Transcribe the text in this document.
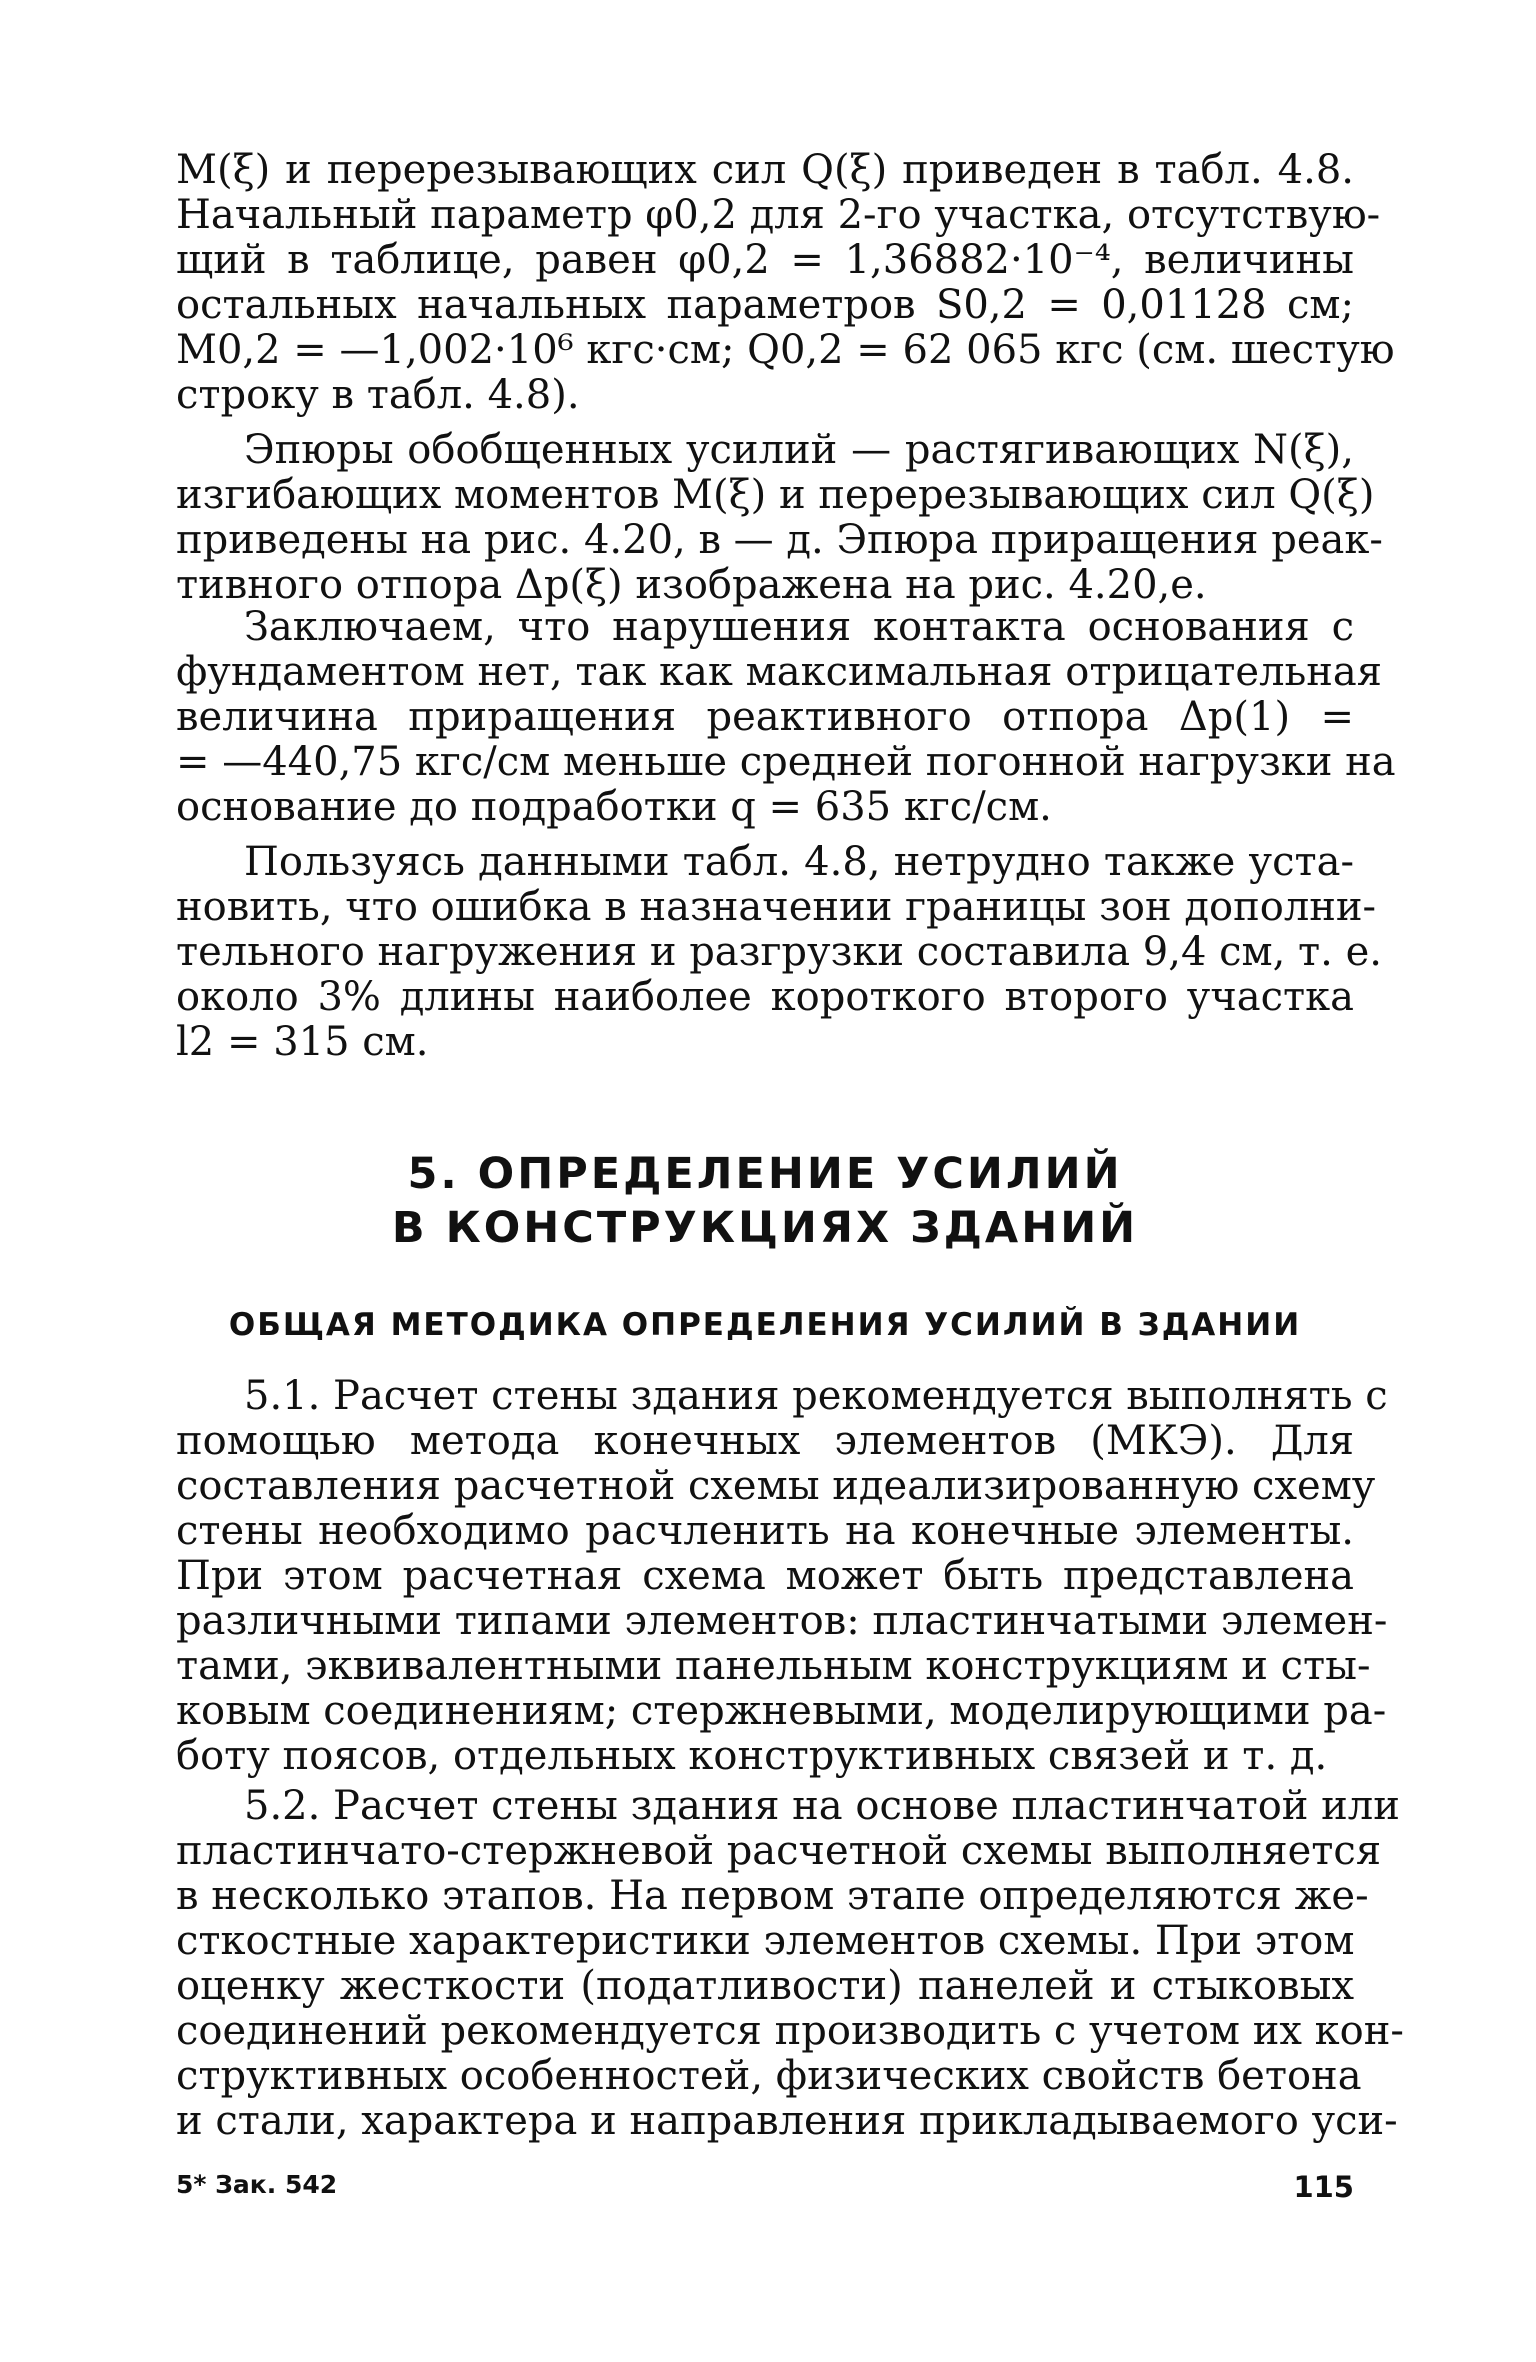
M(ξ) и перерезывающих сил Q(ξ) приведен в табл. 4.8.
Начальный параметр φ0,2 для 2-го участка, отсутствую-
щий в таблице, равен φ0,2 = 1,36882·10⁻⁴, величины
остальных начальных параметров S0,2 = 0,01128 см;
M0,2 = —1,002·10⁶ кгс·см; Q0,2 = 62 065 кгс (см. шестую
строку в табл. 4.8).
Эпюры обобщенных усилий — растягивающих N(ξ),
изгибающих моментов M(ξ) и перерезывающих сил Q(ξ)
приведены на рис. 4.20, в — д. Эпюра приращения реак-
тивного отпора Δp(ξ) изображена на рис. 4.20,е.
Заключаем, что нарушения контакта основания с
фундаментом нет, так как максимальная отрицательная
величина приращения реактивного отпора Δp(1) =
= —440,75 кгс/см меньше средней погонной нагрузки на
основание до подработки q = 635 кгс/см.
Пользуясь данными табл. 4.8, нетрудно также уста-
новить, что ошибка в назначении границы зон дополни-
тельного нагружения и разгрузки составила 9,4 см, т. е.
около 3% длины наиболее короткого второго участка
l2 = 315 см.
5. ОПРЕДЕЛЕНИЕ УСИЛИЙ
В КОНСТРУКЦИЯХ ЗДАНИЙ
ОБЩАЯ МЕТОДИКА ОПРЕДЕЛЕНИЯ УСИЛИЙ В ЗДАНИИ
5.1. Расчет стены здания рекомендуется выполнять с
помощью метода конечных элементов (МКЭ). Для
составления расчетной схемы идеализированную схему
стены необходимо расчленить на конечные элементы.
При этом расчетная схема может быть представлена
различными типами элементов: пластинчатыми элемен-
тами, эквивалентными панельным конструкциям и сты-
ковым соединениям; стержневыми, моделирующими ра-
боту поясов, отдельных конструктивных связей и т. д.
5.2. Расчет стены здания на основе пластинчатой или
пластинчато-стержневой расчетной схемы выполняется
в несколько этапов. На первом этапе определяются же-
сткостные характеристики элементов схемы. При этом
оценку жесткости (податливости) панелей и стыковых
соединений рекомендуется производить с учетом их кон-
структивных особенностей, физических свойств бетона
и стали, характера и направления прикладываемого уси-
5* Зак. 542	115
